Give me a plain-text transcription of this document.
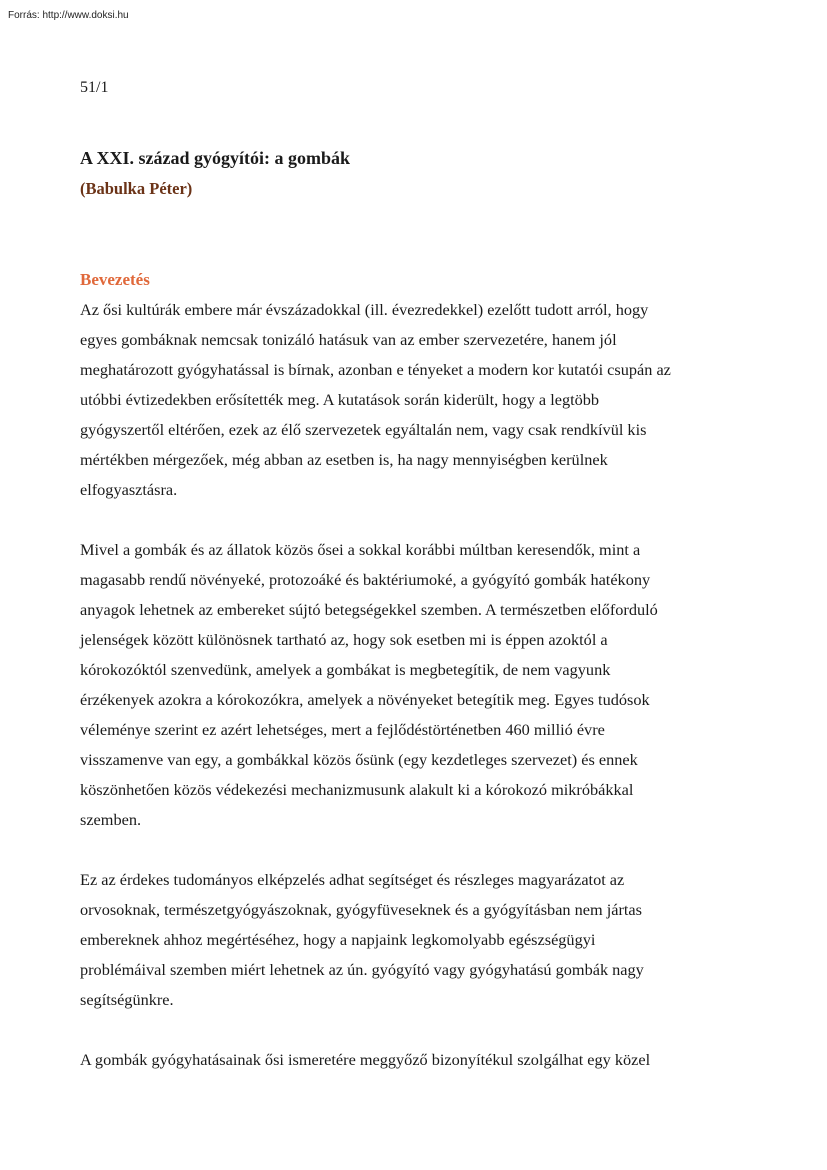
Forrás: http://www.doksi.hu
51/1
A XXI. század gyógyítói: a gombák
(Babulka Péter)
Bevezetés

Az ősi kultúrák embere már évszázadokkal (ill. évezredekkel) ezelőtt tudott arról, hogy
egyes gombáknak nemcsak tonizáló hatásuk van az ember szervezetére, hanem jól
meghatározott gyógyhatással is bírnak, azonban e tényeket a modern kor kutatói csupán az
utóbbi évtizedekben erősítették meg. A kutatások során kiderült, hogy a legtöbb
gyógyszertől eltérően, ezek az élő szervezetek egyáltalán nem, vagy csak rendkívül kis
mértékben mérgezőek, még abban az esetben is, ha nagy mennyiségben kerülnek
elfogyasztásra.

Mivel a gombák és az állatok közös ősei a sokkal korábbi múltban keresendők, mint a
magasabb rendű növényeké, protozoáké és baktériumoké, a gyógyító gombák hatékony
anyagok lehetnek az embereket sújtó betegségekkel szemben. A természetben előforduló
jelenségek között különösnek tartható az, hogy sok esetben mi is éppen azoktól a
kórokozóktól szenvedünk, amelyek a gombákat is megbetegítik, de nem vagyunk
érzékenyek azokra a kórokozókra, amelyek a növényeket betegítik meg. Egyes tudósok
véleménye szerint ez azért lehetséges, mert a fejlődéstörténetben 460 millió évre
visszamenve van egy, a gombákkal közös ősünk (egy kezdetleges szervezet) és ennek
köszönhetően közös védekezési mechanizmusunk alakult ki a kórokozó mikróbákkal
szemben.

Ez az érdekes tudományos elképzelés adhat segítséget és részleges magyarázatot az
orvosoknak, természetgyógyászoknak, gyógyfüveseknek és a gyógyításban nem jártas
embereknek ahhoz megértéséhez, hogy a napjaink legkomolyabb egészségügyi
problémáival szemben miért lehetnek az ún. gyógyító vagy gyógyhatású gombák nagy
segítségünkre.

A gombák gyógyhatásainak ősi ismeretére meggyőző bizonyítékul szolgálhat egy közel
